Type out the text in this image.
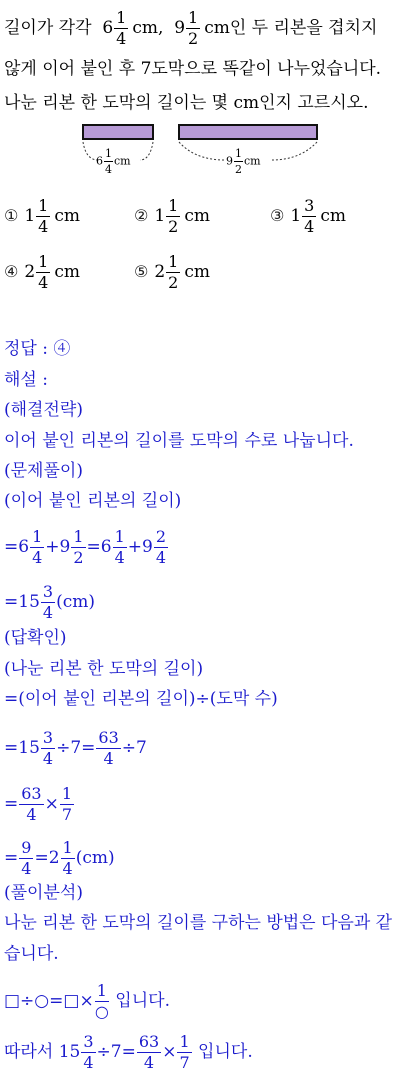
길이가 각각 $6 \frac{1}{4}$ cm, $9 \frac{1}{2}$ cm인 두 리본을 겹치지
않게 이어 붙인 후 7도막으로 똑같이 나누었습니다.
나눈 리본 한 도막의 길이는 몇 cm인지 고르시오.
$6 \frac{1}{4}$ cm	$9 \frac{1}{2}$ cm
① $1 \frac{1}{4}$ cm	② $1 \frac{1}{2}$ cm	③ $1 \frac{3}{4}$ cm
④ $2 \frac{1}{4}$ cm	⑤ $2 \frac{1}{2}$ cm
정답 : ④
해설 :
(해결전략)
이어 붙인 리본의 길이를 도막의 수로 나눕니다.
(문제풀이)
(이어 붙인 리본의 길이)
$=6 \frac{1}{4} +9 \frac{1}{2} =6 \frac{1}{4} +9 \frac{2}{4}$
$=15 \frac{3}{4} (cm)$
(답확인)
(나눈 리본 한 도막의 길이)
=(이어 붙인 리본의 길이)÷(도막 수)
$=15 \frac{3}{4} \div 7= \frac{63}{4} \div 7$
= $\frac{63}{4} \times \frac{1}{7}$
= $\frac{9}{4} =2 \frac{1}{4} (cm)$
(풀이분석)
나눈 리본 한 도막의 길이를 구하는 방법은 다음과 같
습니다.
□÷○=□× $\frac{1}{○}$ 입니다.
따라서 $15 \frac{3}{4} \div 7= \frac{63}{4} \times \frac{1}{7}$ 입니다.
